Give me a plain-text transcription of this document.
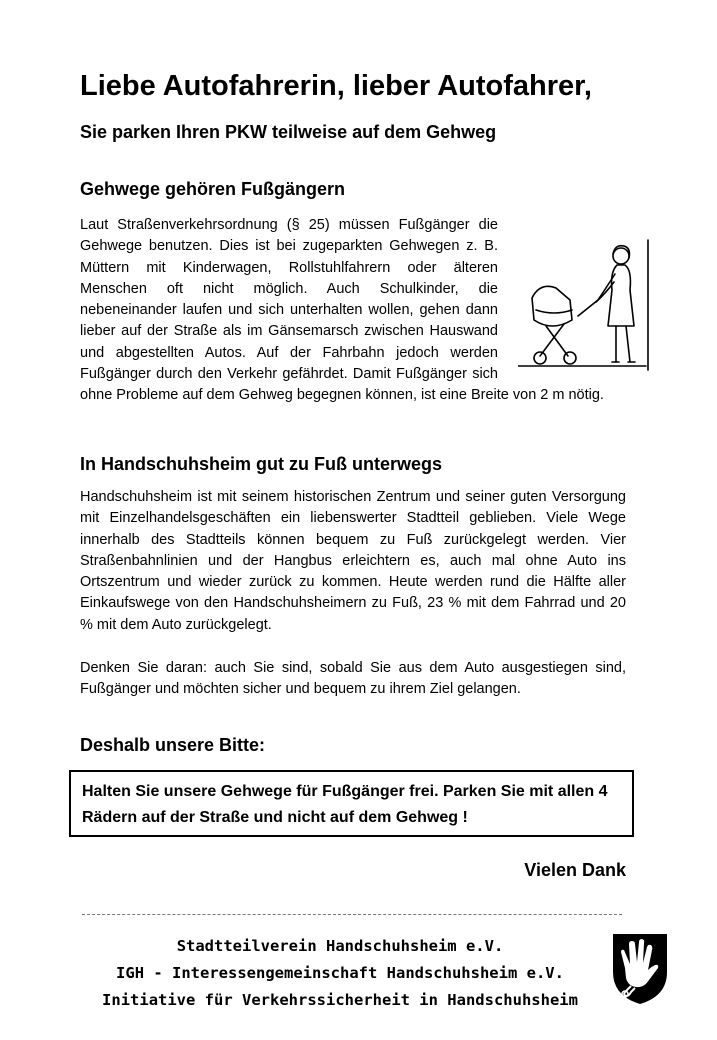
Liebe Autofahrerin, lieber Autofahrer,
Sie parken Ihren PKW teilweise auf dem Gehweg
Gehwege gehören Fußgängern

Laut Straßenverkehrsordnung (§ 25) müssen Fußgänger die Gehwege benutzen. Dies ist bei zugeparkten Gehwegen z. B. Müttern mit Kinderwagen, Rollstuhlfahrern oder älteren Menschen oft nicht möglich. Auch Schulkinder, die nebeneinander laufen und sich unterhalten wollen, gehen dann lieber auf der Straße als im Gänsemarsch zwischen Hauswand und abgestellten Autos. Auf der Fahrbahn jedoch werden Fußgänger durch den Verkehr gefährdet. Damit Fußgänger sich ohne Probleme auf dem Gehweg begegnen können, ist eine Breite von 2 m nötig.

In Handschuhsheim gut zu Fuß unterwegs

Handschuhsheim ist mit seinem historischen Zentrum und seiner guten Versorgung mit Einzelhandelsgeschäften ein liebenswerter Stadtteil geblieben. Viele Wege innerhalb des Stadtteils können bequem zu Fuß zurückgelegt werden. Vier Straßenbahnlinien und der Hangbus erleichtern es, auch mal ohne Auto ins Ortszentrum und wieder zurück zu kommen. Heute werden rund die Hälfte aller Einkaufswege von den Handschuhsheimern zu Fuß, 23 % mit dem Fahrrad und 20 % mit dem Auto zurückgelegt.

Denken Sie daran: auch Sie sind, sobald Sie aus dem Auto ausgestiegen sind, Fußgänger und möchten sicher und bequem zu ihrem Ziel gelangen.

Deshalb unsere Bitte:
Halten Sie unsere Gehwege für Fußgänger frei. Parken Sie mit allen 4 Rädern auf der Straße und nicht auf dem Gehweg !

Vielen Dank

Stadtteilverein Handschuhsheim e.V.
IGH - Interessengemeinschaft Handschuhsheim e.V.
Initiative für Verkehrssicherheit in Handschuhsheim
